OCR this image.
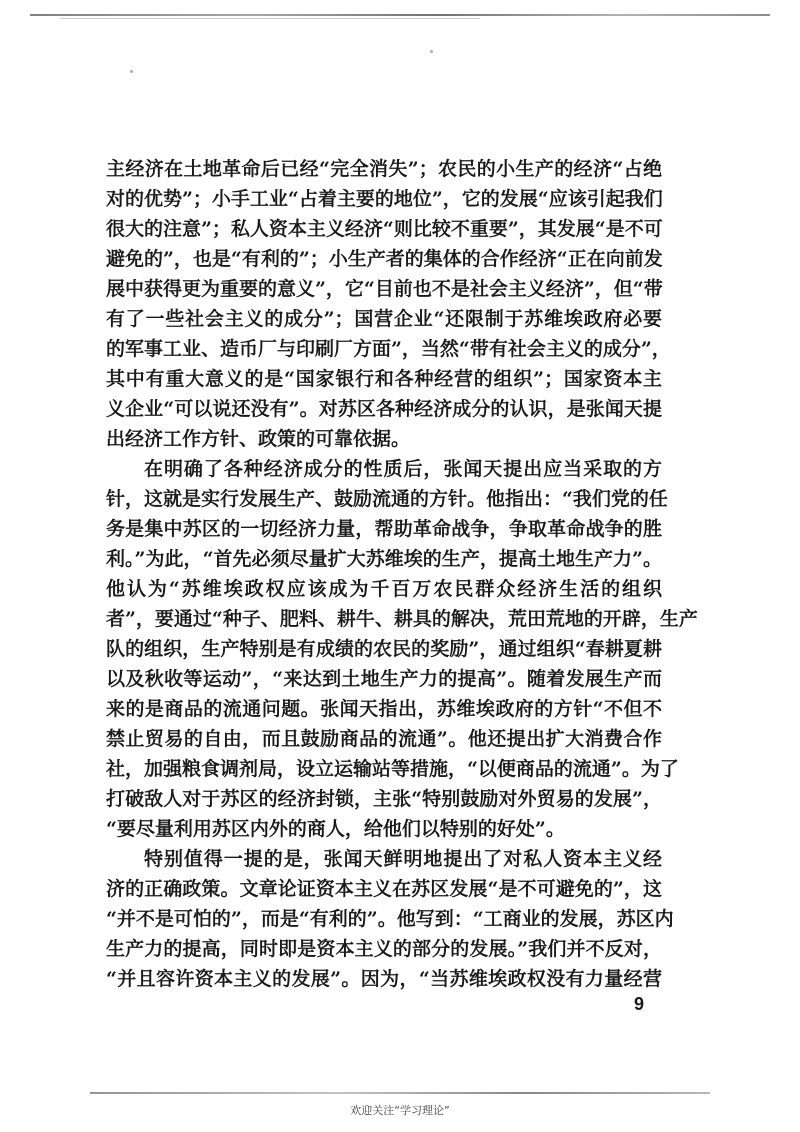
主经济在土地革命后已经“完全消失”；农民的小生产的经济“占绝
对的优势”；小手工业“占着主要的地位”，它的发展“应该引起我们
很大的注意”；私人资本主义经济“则比较不重要”，其发展“是不可
避免的”，也是“有利的”；小生产者的集体的合作经济“正在向前发
展中获得更为重要的意义”，它“目前也不是社会主义经济”，但“带
有了一些社会主义的成分”；国营企业“还限制于苏维埃政府必要
的军事工业、造币厂与印刷厂方面”，当然“带有社会主义的成分”，
其中有重大意义的是“国家银行和各种经营的组织”；国家资本主
义企业“可以说还没有”。对苏区各种经济成分的认识，是张闻天提
出经济工作方针、政策的可靠依据。
在明确了各种经济成分的性质后，张闻天提出应当采取的方
针，这就是实行发展生产、鼓励流通的方针。他指出：“我们党的任
务是集中苏区的一切经济力量，帮助革命战争，争取革命战争的胜
利。”为此，“首先必须尽量扩大苏维埃的生产，提高土地生产力”。
他认为“苏维埃政权应该成为千百万农民群众经济生活的组织
者”，要通过“种子、肥料、耕牛、耕具的解决，荒田荒地的开辟，生产
队的组织，生产特别是有成绩的农民的奖励”，通过组织“春耕夏耕
以及秋收等运动”，“来达到土地生产力的提高”。随着发展生产而
来的是商品的流通问题。张闻天指出，苏维埃政府的方针“不但不
禁止贸易的自由，而且鼓励商品的流通”。他还提出扩大消费合作
社，加强粮食调剂局，设立运输站等措施，“以便商品的流通”。为了
打破敌人对于苏区的经济封锁，主张“特别鼓励对外贸易的发展”，
“要尽量利用苏区内外的商人，给他们以特别的好处”。
特别值得一提的是，张闻天鲜明地提出了对私人资本主义经
济的正确政策。文章论证资本主义在苏区发展“是不可避免的”，这
“并不是可怕的”，而是“有利的”。他写到：“工商业的发展，苏区内
生产力的提高，同时即是资本主义的部分的发展。”我们并不反对，
“并且容许资本主义的发展”。因为，“当苏维埃政权没有力量经营
9
欢迎关注“学习理论”
